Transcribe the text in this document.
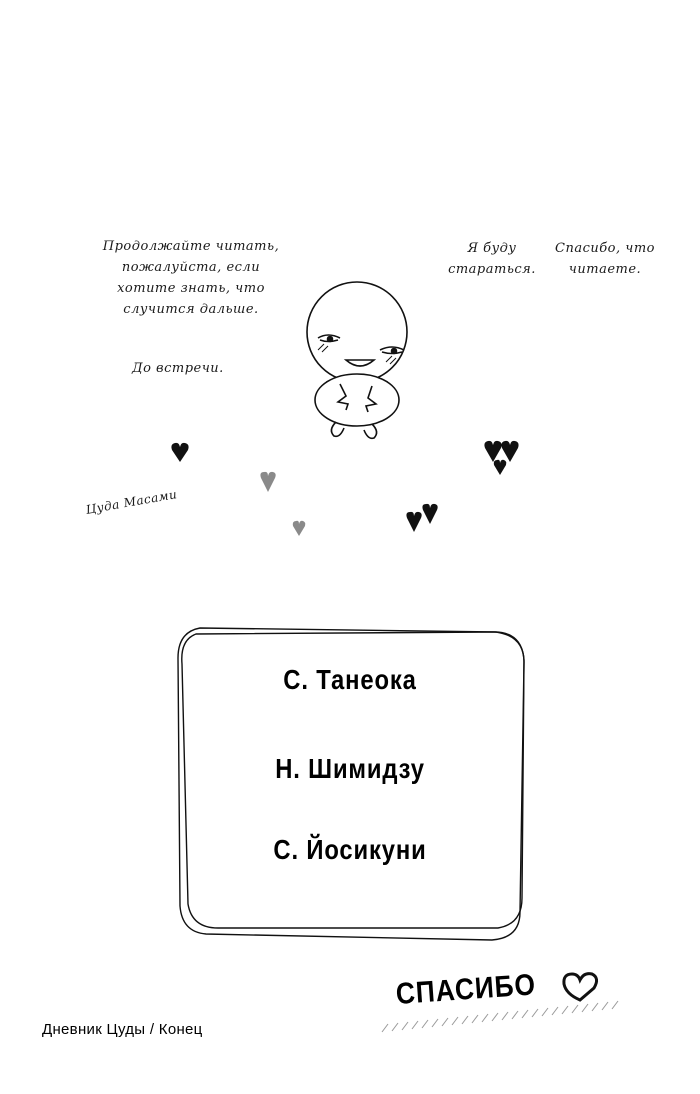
Продолжайте читать, пожалуйста, если хотите знать, что случится дальше.
До встречи.
Я буду стараться.
Спасибо, что читаете.
Цуда Масами
С. Танеока
Н. Шимидзу
С. Йосикуни
СПАСИБО
Дневник Цуды / Конец
